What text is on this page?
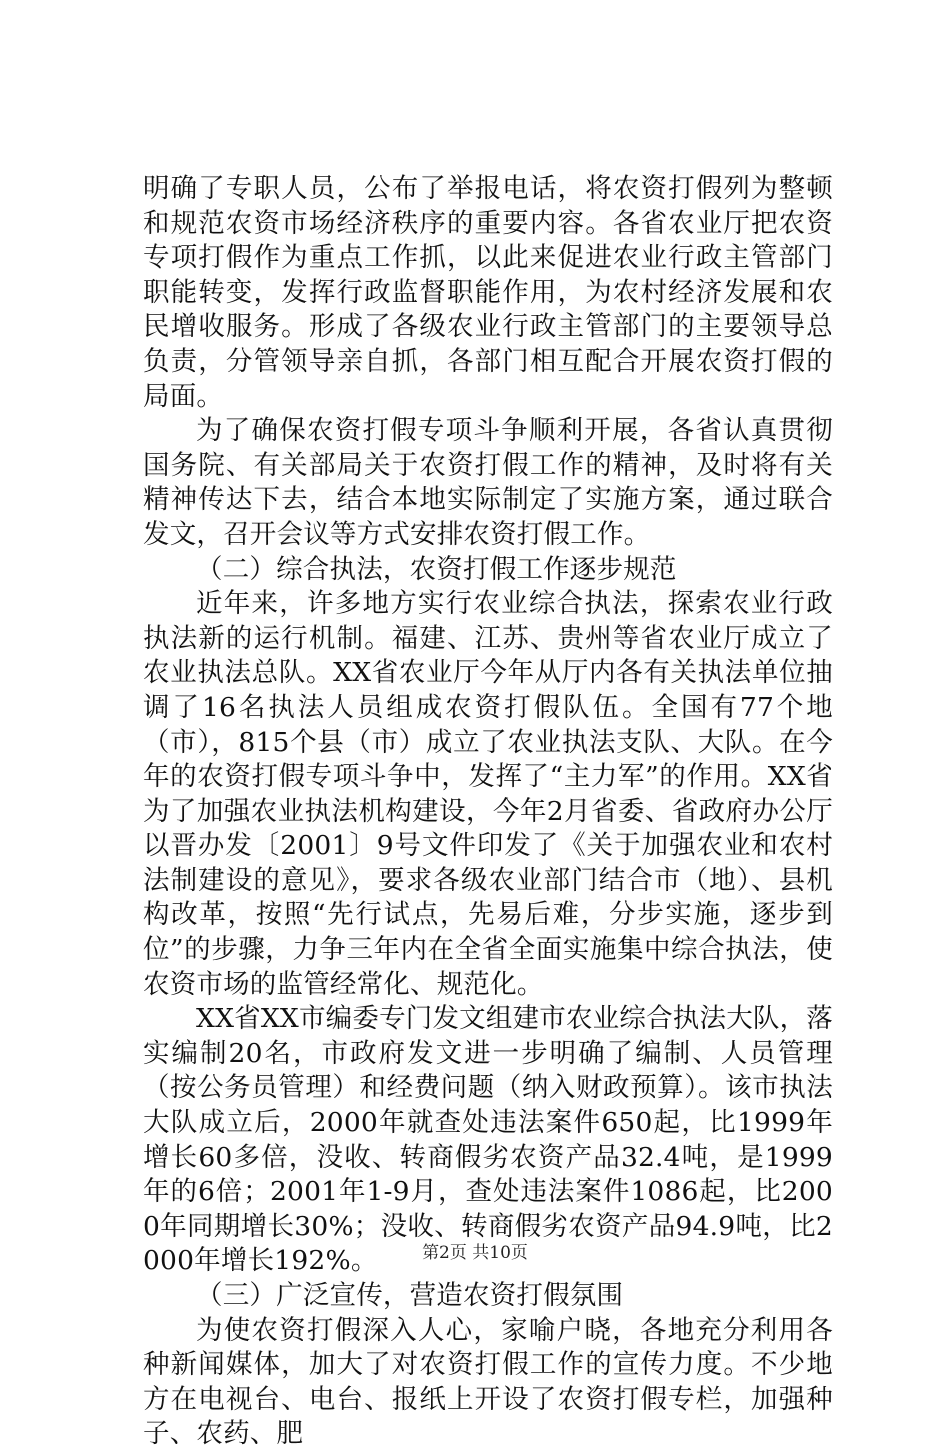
明确了专职人员，公布了举报电话，将农资打假列为整顿和规范农资市场经济秩序的重要内容。各省农业厅把农资专项打假作为重点工作抓，以此来促进农业行政主管部门职能转变，发挥行政监督职能作用，为农村经济发展和农民增收服务。形成了各级农业行政主管部门的主要领导总负责，分管领导亲自抓，各部门相互配合开展农资打假的局面。

为了确保农资打假专项斗争顺利开展，各省认真贯彻国务院、有关部局关于农资打假工作的精神，及时将有关精神传达下去，结合本地实际制定了实施方案，通过联合发文，召开会议等方式安排农资打假工作。

（二）综合执法，农资打假工作逐步规范

近年来，许多地方实行农业综合执法，探索农业行政执法新的运行机制。福建、江苏、贵州等省农业厅成立了农业执法总队。XX省农业厅今年从厅内各有关执法单位抽调了16名执法人员组成农资打假队伍。全国有77个地（市），815个县（市）成立了农业执法支队、大队。在今年的农资打假专项斗争中，发挥了“主力军”的作用。XX省为了加强农业执法机构建设，今年2月省委、省政府办公厅以晋办发〔2001〕9号文件印发了《关于加强农业和农村法制建设的意见》，要求各级农业部门结合市（地）、县机构改革，按照“先行试点，先易后难，分步实施，逐步到位”的步骤，力争三年内在全省全面实施集中综合执法，使农资市场的监管经常化、规范化。

XX省XX市编委专门发文组建市农业综合执法大队，落实编制20名，市政府发文进一步明确了编制、人员管理（按公务员管理）和经费问题（纳入财政预算）。该市执法大队成立后，2000年就查处违法案件650起，比1999年增长60多倍，没收、转商假劣农资产品32.4吨，是1999年的6倍；2001年1-9月，查处违法案件1086起，比2000年同期增长30%；没收、转商假劣农资产品94.9吨，比2000年增长192%。

（三）广泛宣传，营造农资打假氛围

为使农资打假深入人心，家喻户晓，各地充分利用各种新闻媒体，加大了对农资打假工作的宣传力度。不少地方在电视台、电台、报纸上开设了农资打假专栏，加强种子、农药、肥

第2页 共10页
